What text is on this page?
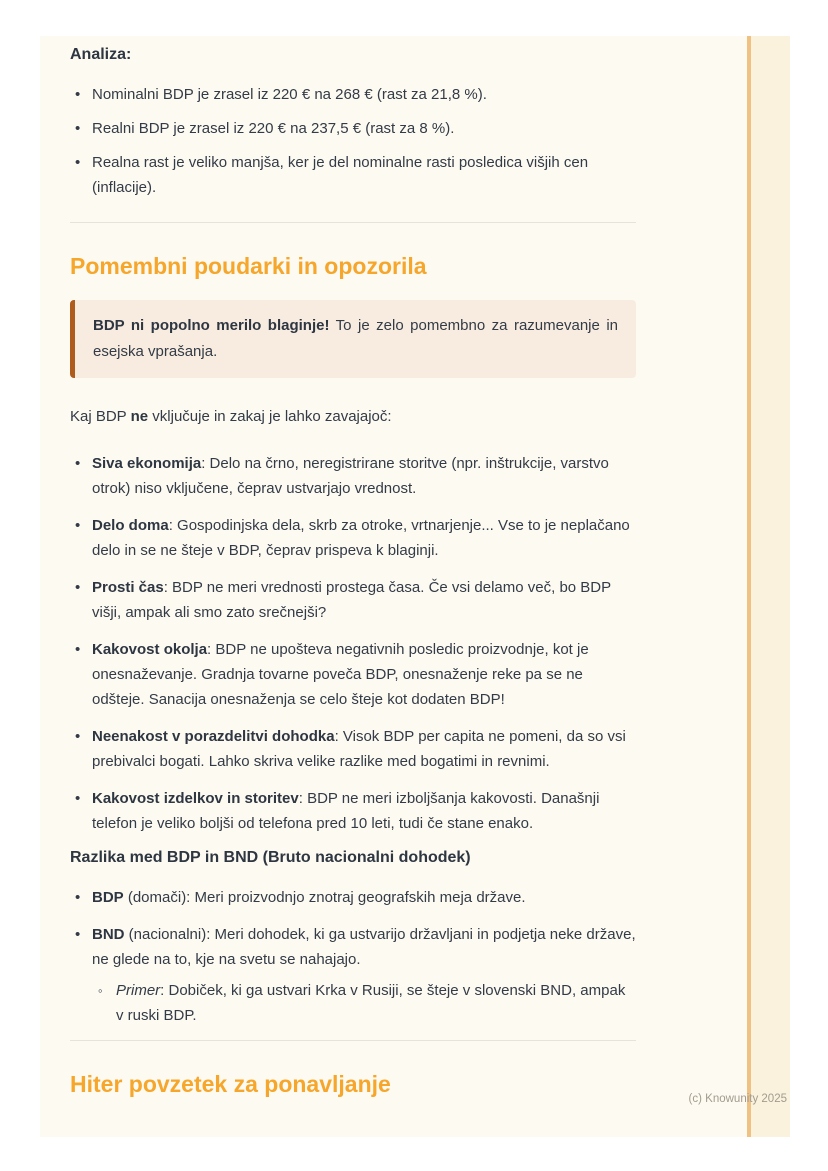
Analiza:
• Nominalni BDP je zrasel iz 220 € na 268 € (rast za 21,8 %).
• Realni BDP je zrasel iz 220 € na 237,5 € (rast za 8 %).
• Realna rast je veliko manjša, ker je del nominalne rasti posledica višjih cen (inflacije).
Pomembni poudarki in opozorila
BDP ni popolno merilo blaginje! To je zelo pomembno za razumevanje in esejska vprašanja.

Kaj BDP ne vključuje in zakaj je lahko zavajajoč:

• Siva ekonomija: Delo na črno, neregistrirane storitve (npr. inštrukcije, varstvo otrok) niso vključene, čeprav ustvarjajo vrednost.
• Delo doma: Gospodinjska dela, skrb za otroke, vrtnarjenje... Vse to je neplačano delo in se ne šteje v BDP, čeprav prispeva k blaginji.
• Prosti čas: BDP ne meri vrednosti prostega časa. Če vsi delamo več, bo BDP višji, ampak ali smo zato srečnejši?
• Kakovost okolja: BDP ne upošteva negativnih posledic proizvodnje, kot je onesnaževanje. Gradnja tovarne poveča BDP, onesnaženje reke pa se ne odšteje. Sanacija onesnaženja se celo šteje kot dodaten BDP!
• Neenakost v porazdelitvi dohodka: Visok BDP per capita ne pomeni, da so vsi prebivalci bogati. Lahko skriva velike razlike med bogatimi in revnimi.
• Kakovost izdelkov in storitev: BDP ne meri izboljšanja kakovosti. Današnji telefon je veliko boljši od telefona pred 10 leti, tudi če stane enako.
Razlika med BDP in BND (Bruto nacionalni dohodek)
• BDP (domači): Meri proizvodnjo znotraj geografskih meja države.
• BND (nacionalni): Meri dohodek, ki ga ustvarijo državljani in podjetja neke države, ne glede na to, kje na svetu se nahajajo.
◦ Primer: Dobiček, ki ga ustvari Krka v Rusiji, se šteje v slovenski BND, ampak v ruski BDP.
Hiter povzetek za ponavljanje
(c) Knowunity 2025
